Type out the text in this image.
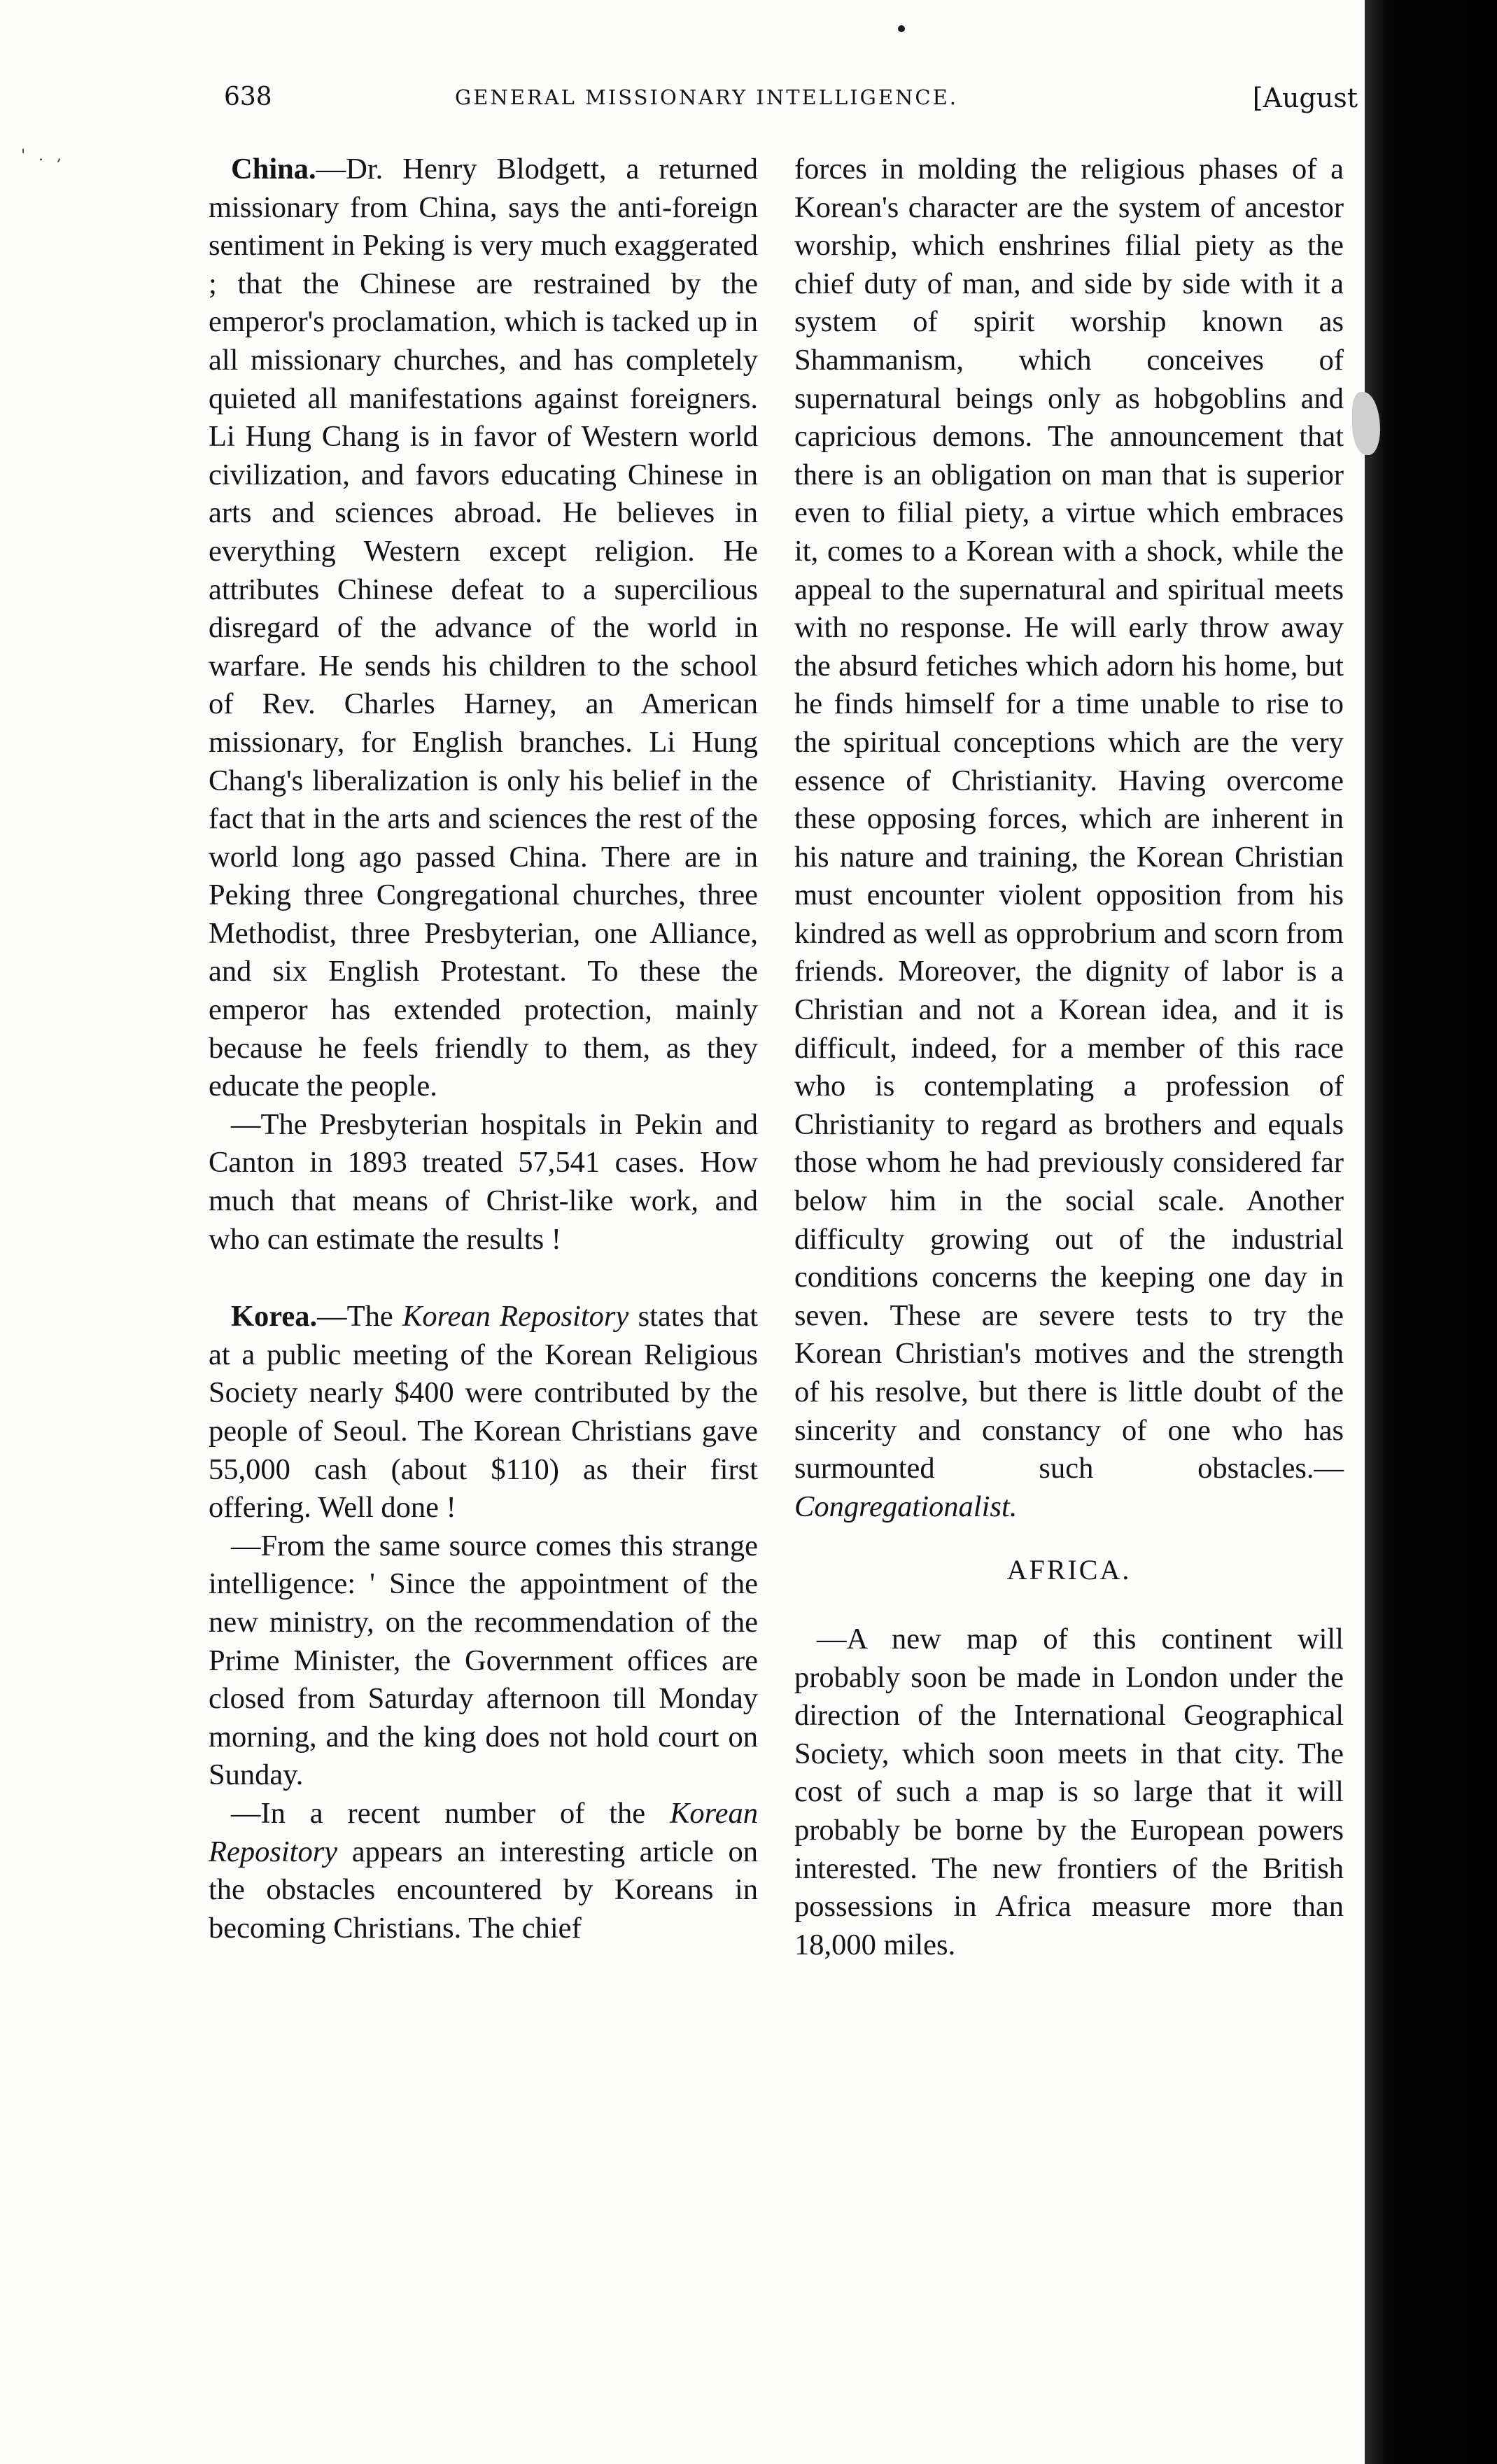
' . ,
638	GENERAL MISSIONARY INTELLIGENCE.	[August

China.—Dr. Henry Blodgett, a returned missionary from China, says the anti-foreign sentiment in Peking is very much exaggerated ; that the Chinese are restrained by the emperor's proclamation, which is tacked up in all missionary churches, and has completely quieted all manifestations against foreigners. Li Hung Chang is in favor of Western world civilization, and favors educating Chinese in arts and sciences abroad. He believes in everything Western except religion. He attributes Chinese defeat to a supercilious disregard of the advance of the world in warfare. He sends his children to the school of Rev. Charles Harney, an American missionary, for English branches. Li Hung Chang's liberalization is only his belief in the fact that in the arts and sciences the rest of the world long ago passed China. There are in Peking three Congregational churches, three Methodist, three Presbyterian, one Alliance, and six English Protestant. To these the emperor has extended protection, mainly because he feels friendly to them, as they educate the people.

—The Presbyterian hospitals in Pekin and Canton in 1893 treated 57,541 cases. How much that means of Christ-like work, and who can estimate the results !

Korea.—The Korean Repository states that at a public meeting of the Korean Religious Society nearly $400 were contributed by the people of Seoul. The Korean Christians gave 55,000 cash (about $110) as their first offering. Well done !

—From the same source comes this strange intelligence: ' Since the appointment of the new ministry, on the recommendation of the Prime Minister, the Government offices are closed from Saturday afternoon till Monday morning, and the king does not hold court on Sunday.

—In a recent number of the Korean Repository appears an interesting article on the obstacles encountered by Koreans in becoming Christians. The chief

forces in molding the religious phases of a Korean's character are the system of ancestor worship, which enshrines filial piety as the chief duty of man, and side by side with it a system of spirit worship known as Shammanism, which conceives of supernatural beings only as hobgoblins and capricious demons. The announcement that there is an obligation on man that is superior even to filial piety, a virtue which embraces it, comes to a Korean with a shock, while the appeal to the supernatural and spiritual meets with no response. He will early throw away the absurd fetiches which adorn his home, but he finds himself for a time unable to rise to the spiritual conceptions which are the very essence of Christianity. Having overcome these opposing forces, which are inherent in his nature and training, the Korean Christian must encounter violent opposition from his kindred as well as opprobrium and scorn from friends. Moreover, the dignity of labor is a Christian and not a Korean idea, and it is difficult, indeed, for a member of this race who is contemplating a profession of Christianity to regard as brothers and equals those whom he had previously considered far below him in the social scale. Another difficulty growing out of the industrial conditions concerns the keeping one day in seven. These are severe tests to try the Korean Christian's motives and the strength of his resolve, but there is little doubt of the sincerity and constancy of one who has surmounted such obstacles.—Congregationalist.

AFRICA.

—A new map of this continent will probably soon be made in London under the direction of the International Geographical Society, which soon meets in that city. The cost of such a map is so large that it will probably be borne by the European powers interested. The new frontiers of the British possessions in Africa measure more than 18,000 miles.
